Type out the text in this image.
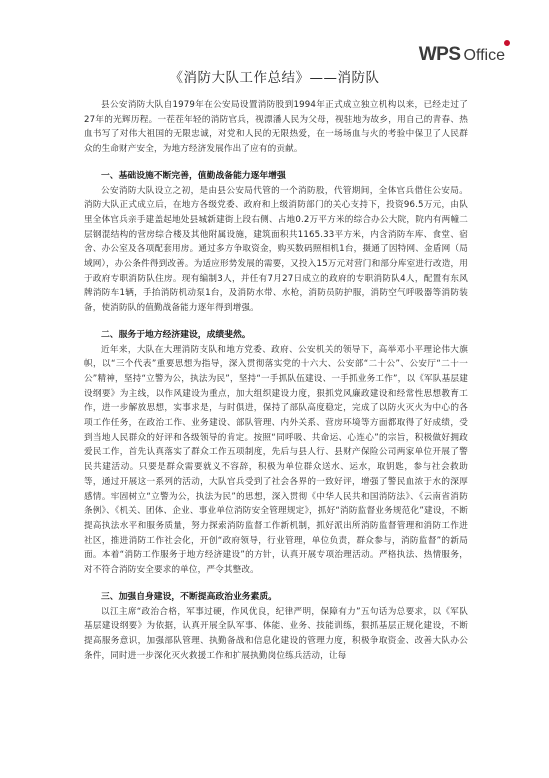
WPS Office
《消防大队工作总结》——消防队

县公安消防大队自1979年在公安局设置消防股到1994年正式成立独立机构以来，已经走过了27年的光辉历程。一茬茬年轻的消防官兵，视漂潘人民为父母，视驻地为故乡，用自己的青春、热血书写了对伟大祖国的无限忠诚，对党和人民的无限热爱，在一场场血与火的考验中保卫了人民群众的生命财产安全，为地方经济发展作出了应有的贡献。

一、基础设施不断完善，值勤战备能力逐年增强

公安消防大队设立之初，是由县公安局代管的一个消防股，代管期间，全体官兵借住公安局。消防大队正式成立后，在地方各级党委、政府和上级消防部门的关心支持下，投资96.5万元，由队里全体官兵亲手建盖起地处县城新建街上段右侧、占地0.2万平方米的综合办公大院，院内有两幢二层钢混结构的营房综合楼及其他附属设施，建筑面积共1165.33平方米，内含消防车库、食堂、宿舍、办公室及各项配套用房。通过多方争取资金，购买数码照相机1台，摄通了因特网、金盾网（局域网），办公条件得到改善。为适应形势发展的需要，又投入15万元对营门和部分库室进行改造，用于政府专职消防队住房。现有编制3人，并任有7月27日成立的政府的专职消防队4人，配置有东风牌消防车1辆，手抬消防机动泵1台，及消防水带、水枪，消防员防护服，消防空气呼吸器等消防装备，使消防队的值勤战备能力逐年得到增强。

二、服务于地方经济建设，成绩斐然。

近年来，大队在大理消防支队和地方党委、政府、公安机关的领导下，高举邓小平理论伟大旗帜，以“三个代表”重要思想为指导，深入贯彻落实党的十六大、公安部“二十公”、公安厅“二十一公”精神，坚持“立警为公，执法为民”，坚持“一手抓队伍建设、一手抓业务工作”，以《军队基层建设纲要》为主线，以作风建设为重点，加大组织建设力度，狠抓党风廉政建设和经常性思想教育工作，进一步解放思想，实事求是，与时俱进，保持了部队高度稳定，完成了以防火灭火为中心的各项工作任务，在政治工作、业务建设、部队管理、内外关系、营房环境等方面都取得了好成绩，受到当地人民群众的好评和各级领导的肯定。按照“同呼吸、共命运、心连心”的宗旨，积极做好拥政爱民工作，首先认真落实了群众工作五项制度，先后与县人行、县财产保险公司两家单位开展了警民共建活动。只要是群众需要就义不容辞，积极为单位群众送水、运水，取钥匙，参与社会救助等，通过开展这一系列的活动，大队官兵受到了社会各界的一致好评，增强了警民血浓于水的深厚感情。牢固树立“立警为公，执法为民”的思想，深入贯彻《中华人民共和国消防法》、《云南省消防条例》、《机关、团体、企业、事业单位消防安全管理规定》，抓好“消防监督业务规范化”建设，不断提高执法水平和服务质量，努力探索消防监督工作新机制，抓好派出所消防监督管理和消防工作进社区，推进消防工作社会化，开创“政府领导，行业管理，单位负责，群众参与，消防监督”的新局面。本着“消防工作服务于地方经济建设”的方针，认真开展专项治理活动。严格执法、热情服务，对不符合消防安全要求的单位，严令其整改。

三、加强自身建设，不断提高政治业务素质。

以江主席“政治合格，军事过硬，作风优良，纪律严明，保障有力”五句话为总要求，以《军队基层建设纲要》为依据，认真开展全队军事、体能、业务、技能训练，狠抓基层正规化建设，不断提高服务意识，加强部队管理、执勤备战和信息化建设的管理力度，积极争取资金、改善大队办公条件，同时进一步深化灭火救援工作和扩展执勤岗位练兵活动，让每
